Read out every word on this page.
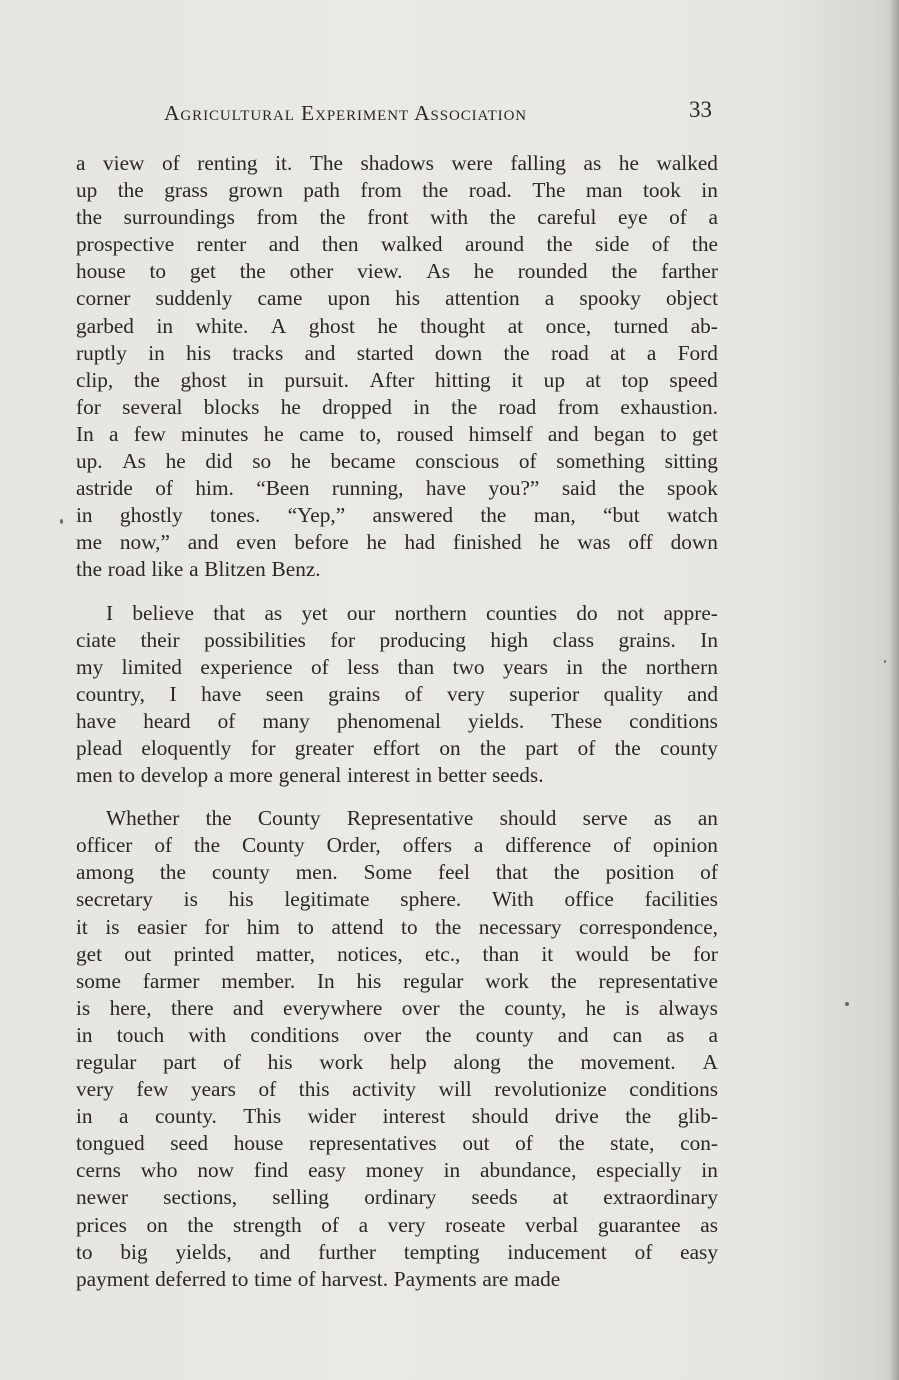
Agricultural Experiment Association	33
a view of renting it. The shadows were falling as he walked
up the grass grown path from the road. The man took in
the surroundings from the front with the careful eye of a
prospective renter and then walked around the side of the
house to get the other view. As he rounded the farther
corner suddenly came upon his attention a spooky object
garbed in white. A ghost he thought at once, turned ab-
ruptly in his tracks and started down the road at a Ford
clip, the ghost in pursuit. After hitting it up at top speed
for several blocks he dropped in the road from exhaustion.
In a few minutes he came to, roused himself and began to get
up. As he did so he became conscious of something sitting
astride of him. “Been running, have you?” said the spook
in ghostly tones. “Yep,” answered the man, “but watch
me now,” and even before he had finished he was off down
the road like a Blitzen Benz.
I believe that as yet our northern counties do not appre-
ciate their possibilities for producing high class grains. In
my limited experience of less than two years in the northern
country, I have seen grains of very superior quality and
have heard of many phenomenal yields. These conditions
plead eloquently for greater effort on the part of the county
men to develop a more general interest in better seeds.
Whether the County Representative should serve as an
officer of the County Order, offers a difference of opinion
among the county men. Some feel that the position of
secretary is his legitimate sphere. With office facilities
it is easier for him to attend to the necessary correspondence,
get out printed matter, notices, etc., than it would be for
some farmer member. In his regular work the representative
is here, there and everywhere over the county, he is always
in touch with conditions over the county and can as a
regular part of his work help along the movement. A
very few years of this activity will revolutionize conditions
in a county. This wider interest should drive the glib-
tongued seed house representatives out of the state, con-
cerns who now find easy money in abundance, especially in
newer sections, selling ordinary seeds at extraordinary
prices on the strength of a very roseate verbal guarantee as
to big yields, and further tempting inducement of easy
payment deferred to time of harvest. Payments are made
